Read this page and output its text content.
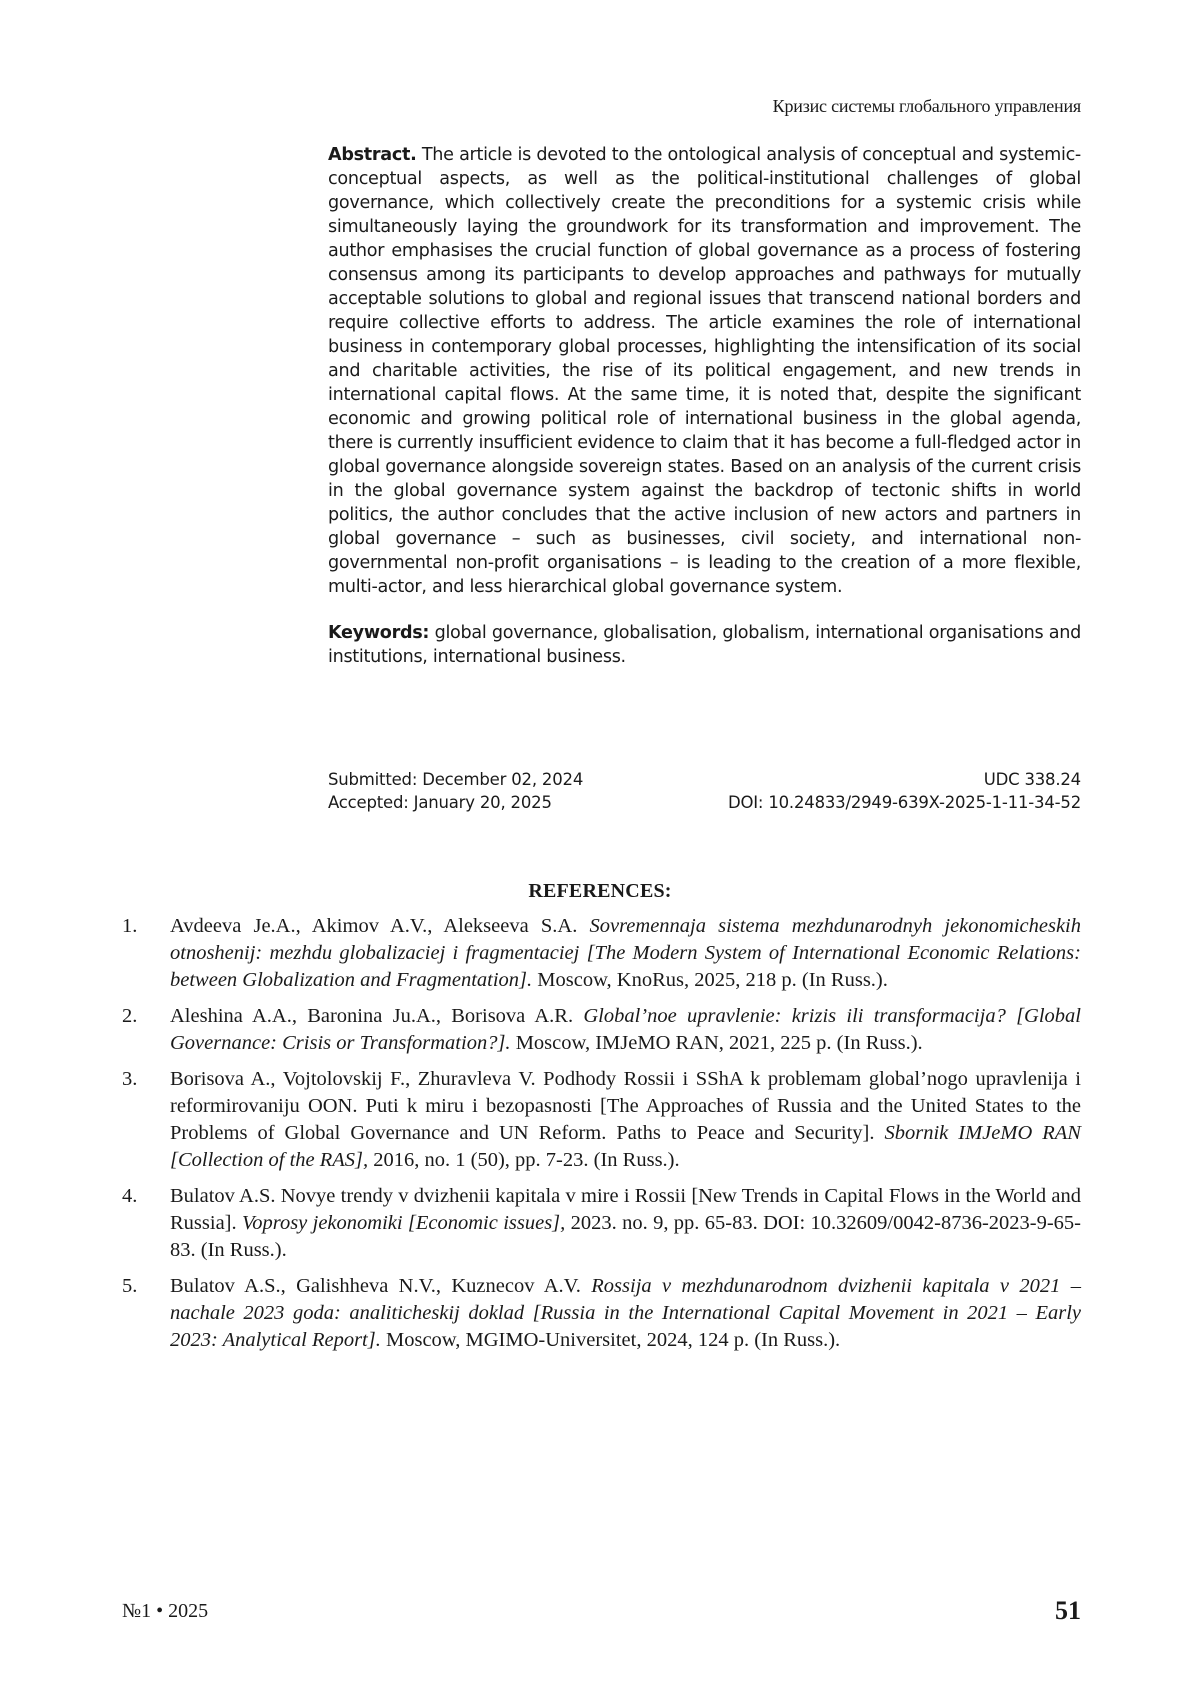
Кризис системы глобального управления

Abstract. The article is devoted to the ontological analysis of conceptual and systemic-conceptual aspects, as well as the political-institutional challenges of global governance, which collectively create the preconditions for a systemic crisis while simultaneously laying the groundwork for its transformation and improvement. The author emphasises the crucial function of global governance as a process of fostering consensus among its participants to develop approaches and pathways for mutually acceptable solutions to global and regional issues that transcend national borders and require collective efforts to address. The article examines the role of international business in contemporary global processes, highlighting the intensification of its social and charitable activities, the rise of its political engagement, and new trends in international capital flows. At the same time, it is noted that, despite the significant economic and growing political role of international business in the global agenda, there is currently insufficient evidence to claim that it has become a full-fledged actor in global governance alongside sovereign states. Based on an analysis of the current crisis in the global governance system against the backdrop of tectonic shifts in world politics, the author concludes that the active inclusion of new actors and partners in global governance – such as businesses, civil society, and international non-governmental non-profit organisations – is leading to the creation of a more flexible, multi-actor, and less hierarchical global governance system.

Keywords: global governance, globalisation, globalism, international organisations and institutions, international business.

Submitted: December 02, 2024
Accepted: January 20, 2025
UDC 338.24
DOI: 10.24833/2949-639X-2025-1-11-34-52
REFERENCES:
1.	Avdeeva Je.A., Akimov A.V., Alekseeva S.A. Sovremennaja sistema mezhdunarodnyh jekonomicheskih otnoshenij: mezhdu globalizaciej i fragmentaciej [The Modern System of International Economic Relations: between Globalization and Fragmentation]. Moscow, KnoRus, 2025, 218 p. (In Russ.).
2.	Aleshina A.A., Baronina Ju.A., Borisova A.R. Global’noe upravlenie: krizis ili transformacija? [Global Governance: Crisis or Transformation?]. Moscow, IMJeMO RAN, 2021, 225 p. (In Russ.).
3.	Borisova A., Vojtolovskij F., Zhuravleva V. Podhody Rossii i SShA k problemam global’nogo upravlenija i reformirovaniju OON. Puti k miru i bezopasnosti [The Approaches of Russia and the United States to the Problems of Global Governance and UN Reform. Paths to Peace and Security]. Sbornik IMJeMO RAN [Collection of the RAS], 2016, no. 1 (50), pp. 7-23. (In Russ.).
4.	Bulatov A.S. Novye trendy v dvizhenii kapitala v mire i Rossii [New Trends in Capital Flows in the World and Russia]. Voprosy jekonomiki [Economic issues], 2023. no. 9, pp. 65-83. DOI: 10.32609/0042-8736-2023-9-65-83. (In Russ.).
5.	Bulatov A.S., Galishheva N.V., Kuznecov A.V. Rossija v mezhdunarodnom dvizhenii kapitala v 2021 – nachale 2023 goda: analiticheskij doklad [Russia in the International Capital Movement in 2021 – Early 2023: Analytical Report]. Moscow, MGIMO-Universitet, 2024, 124 p. (In Russ.).
№1 • 2025	51
